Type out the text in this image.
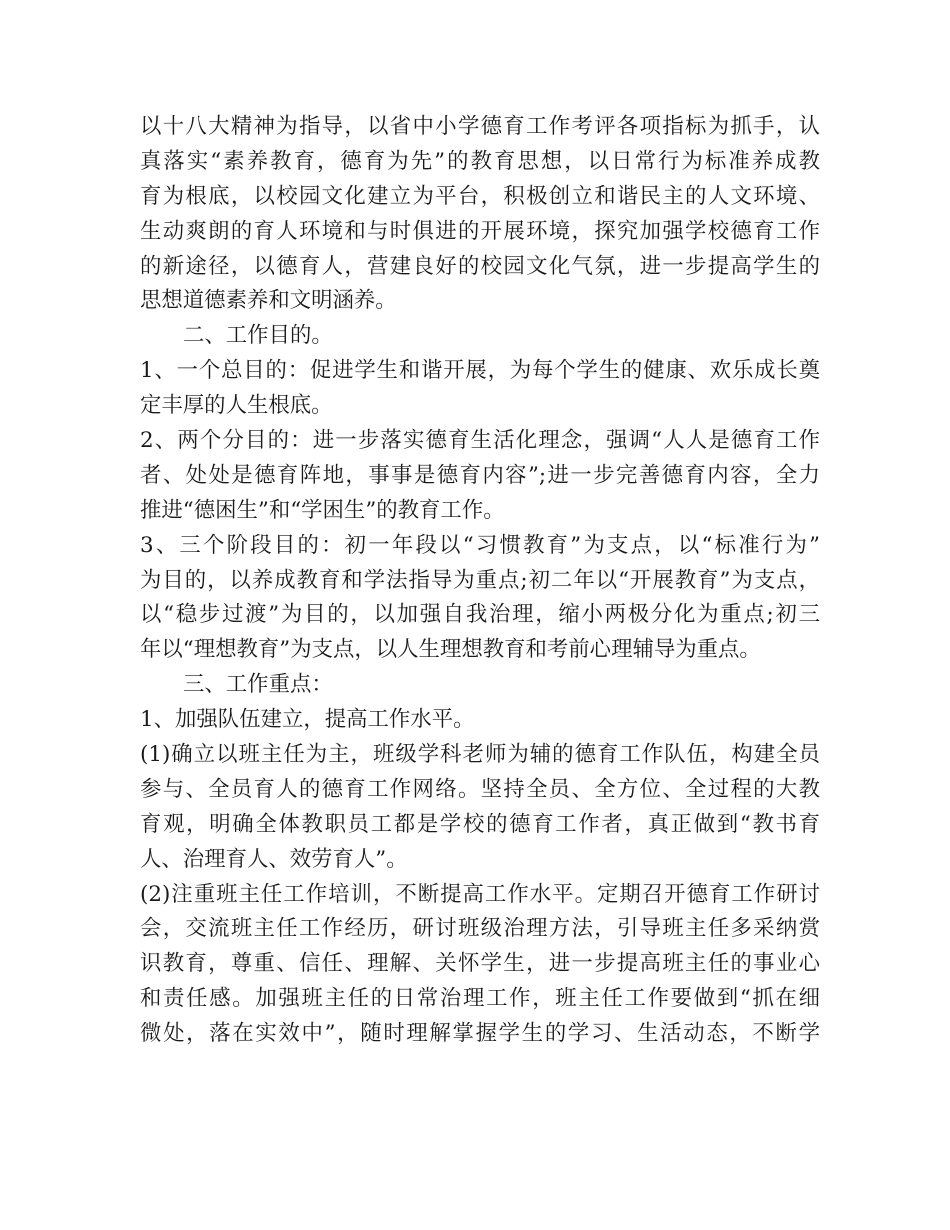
以十八大精神为指导，以省中小学德育工作考评各项指标为抓手，认
真落实“素养教育，德育为先”的教育思想，以日常行为标准养成教
育为根底，以校园文化建立为平台，积极创立和谐民主的人文环境、
生动爽朗的育人环境和与时俱进的开展环境，探究加强学校德育工作
的新途径，以德育人，营建良好的校园文化气氛，进一步提高学生的
思想道德素养和文明涵养。
二、工作目的。
1、一个总目的：促进学生和谐开展，为每个学生的健康、欢乐成长奠
定丰厚的人生根底。
2、两个分目的：进一步落实德育生活化理念，强调“人人是德育工作
者、处处是德育阵地，事事是德育内容”;进一步完善德育内容，全力
推进“德困生”和“学困生”的教育工作。
3、三个阶段目的：初一年段以“习惯教育”为支点，以“标准行为”
为目的，以养成教育和学法指导为重点;初二年以“开展教育”为支点，
以“稳步过渡”为目的，以加强自我治理，缩小两极分化为重点;初三
年以“理想教育”为支点，以人生理想教育和考前心理辅导为重点。
三、工作重点：
1、加强队伍建立，提高工作水平。
(1)确立以班主任为主，班级学科老师为辅的德育工作队伍，构建全员
参与、全员育人的德育工作网络。坚持全员、全方位、全过程的大教
育观，明确全体教职员工都是学校的德育工作者，真正做到“教书育
人、治理育人、效劳育人”。
(2)注重班主任工作培训，不断提高工作水平。定期召开德育工作研讨
会，交流班主任工作经历，研讨班级治理方法，引导班主任多采纳赏
识教育，尊重、信任、理解、关怀学生，进一步提高班主任的事业心
和责任感。加强班主任的日常治理工作，班主任工作要做到“抓在细
微处，落在实效中”，随时理解掌握学生的学习、生活动态，不断学
